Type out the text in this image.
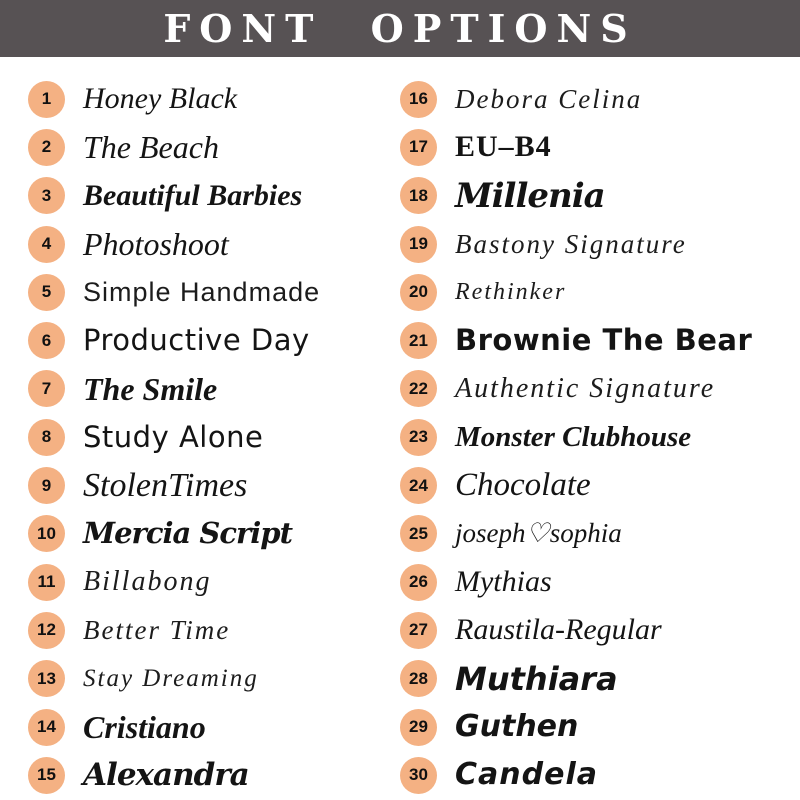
FONT OPTIONS
1	Honey Black
2 The Beach
3	Beautiful Barbies
4 Photoshoot
5	Simple Handmade
6	Productive Day
7 The Smile
8	Study Alone
9 StolenTimes
10 Mercia Script
11 Billabong
12	Better Time
13	Stay Dreaming
14 Cristiano
15 Alexandra
16	Debora Celina
17 EU–B4
18 Millenia
19	Bastony Signature
20	Rethinker
21 Brownie The Bear
22 Authentic Signature
23 Monster Clubhouse
24 Chocolate
25	joseph♡sophia
26 Mythias
27 Raustila-Regular
28 Muthiara
29 Guthen
30 Candela
